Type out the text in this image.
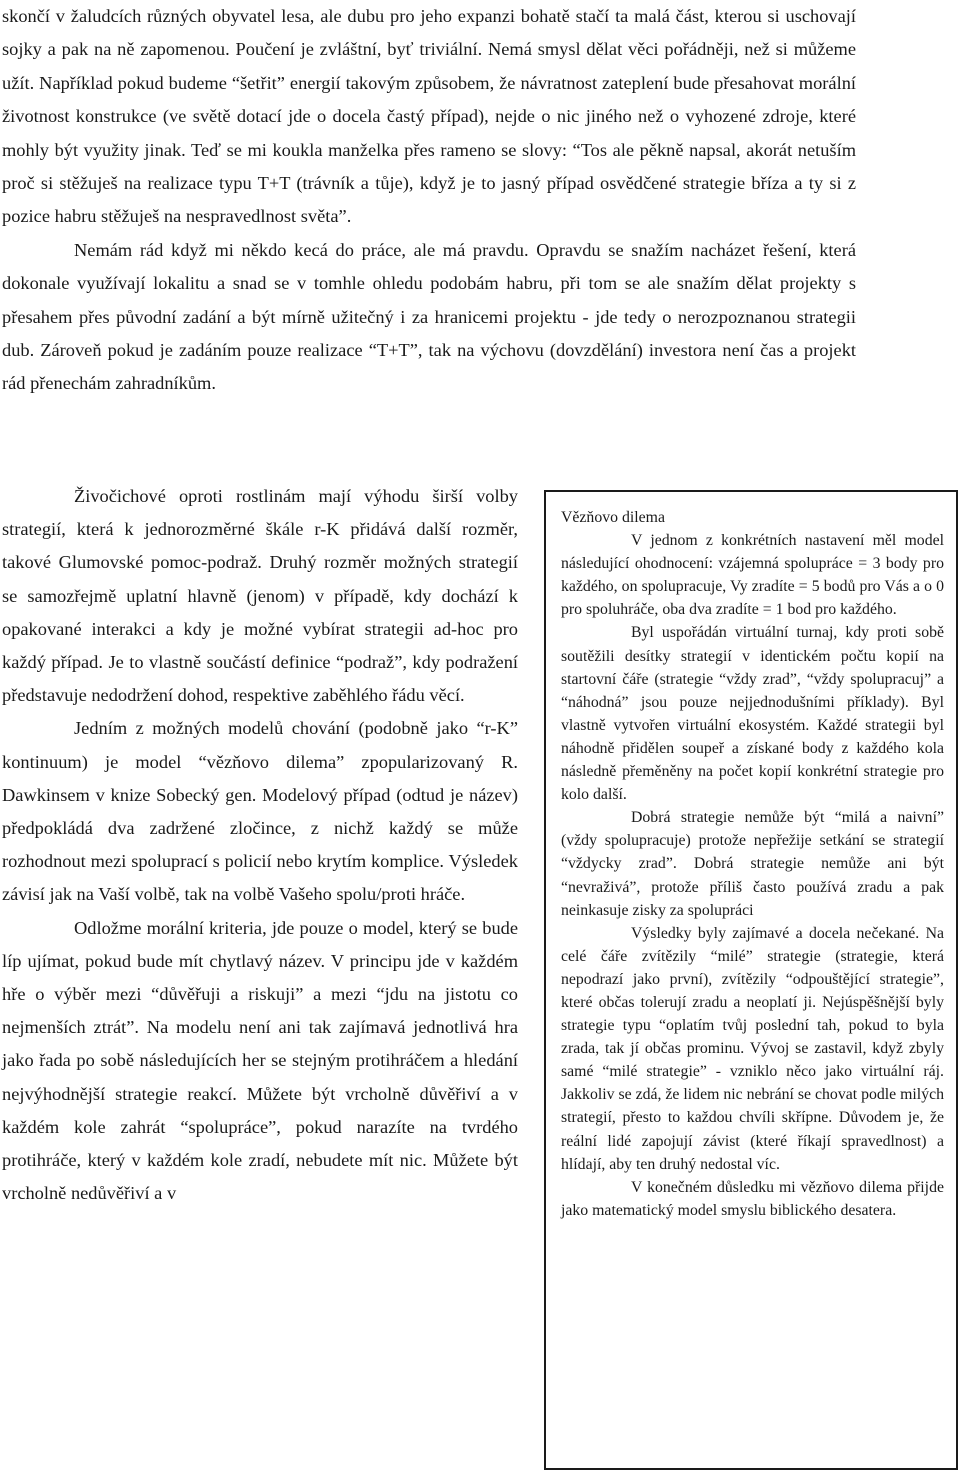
skončí v žaludcích různých obyvatel lesa, ale dubu pro jeho expanzi bohatě stačí ta malá část, kterou si uschovají sojky a pak na ně zapomenou. Poučení je zvláštní, byť triviální. Nemá smysl dělat věci pořádněji, než si můžeme užít. Například pokud budeme “šetřit” energií takovým způsobem, že návratnost zateplení bude přesahovat morální životnost konstrukce (ve světě dotací jde o docela častý případ), nejde o nic jiného než o vyhozené zdroje, které mohly být využity jinak. Teď se mi koukla manželka přes rameno se slovy: “Tos ale pěkně napsal, akorát netuším proč si stěžuješ na realizace typu T+T (trávník a tůje), když je to jasný případ osvědčené strategie bříza a ty si z pozice habru stěžuješ na nespravedlnost světa”.

Nemám rád když mi někdo kecá do práce, ale má pravdu. Opravdu se snažím nacházet řešení, která dokonale využívají lokalitu a snad se v tomhle ohledu podobám habru, při tom se ale snažím dělat projekty s přesahem přes původní zadání a být mírně užitečný i za hranicemi projektu - jde tedy o nerozpoznanou strategii dub. Zároveň pokud je zadáním pouze realizace “T+T”, tak na výchovu (dovzdělání) investora není čas a projekt rád přenechám zahradníkům.

Živočichové oproti rostlinám mají výhodu širší volby strategií, která k jednorozměrné škále r-K přidává další rozměr, takové Glumovské pomoc-podraž. Druhý rozměr možných strategií se samozřejmě uplatní hlavně (jenom) v případě, kdy dochází k opakované interakci a kdy je možné vybírat strategii ad-hoc pro každý případ. Je to vlastně součástí definice “podraž”, kdy podražení představuje nedodržení dohod, respektive zaběhlého řádu věcí.

Jedním z možných modelů chování (podobně jako “r-K” kontinuum) je model “vězňovo dilema” zpopularizovaný R. Dawkinsem v knize Sobecký gen. Modelový případ (odtud je název) předpokládá dva zadržené zločince, z nichž každý se může rozhodnout mezi spoluprací s policií nebo krytím komplice. Výsledek závisí jak na Vaší volbě, tak na volbě Vašeho spolu/proti hráče.

Odložme morální kriteria, jde pouze o model, který se bude líp ujímat, pokud bude mít chytlavý název. V principu jde v každém hře o výběr mezi “důvěřuji a riskuji” a mezi “jdu na jistotu co nejmenších ztrát”. Na modelu není ani tak zajímavá jednotlivá hra jako řada po sobě následujících her se stejným protihráčem a hledání nejvýhodnější strategie reakcí. Můžete být vrcholně důvěřiví a v každém kole zahrát “spolupráce”, pokud narazíte na tvrdého protihráče, který v každém kole zradí, nebudete mít nic. Můžete být vrcholně nedůvěřiví a v

Vězňovo dilema

V jednom z konkrétních nastavení měl model následující ohodnocení: vzájemná spolupráce = 3 body pro každého, on spolupracuje, Vy zradíte = 5 bodů pro Vás a o 0 pro spoluhráče, oba dva zradíte = 1 bod pro každého.

Byl uspořádán virtuální turnaj, kdy proti sobě soutěžili desítky strategií v identickém počtu kopií na startovní čáře (strategie “vždy zrad”, “vždy spolupracuj” a “náhodná” jsou pouze nejjednodušními příklady). Byl vlastně vytvořen virtuální ekosystém. Každé strategii byl náhodně přidělen soupeř a získané body z každého kola následně přeměněny na počet kopií konkrétní strategie pro kolo další.

Dobrá strategie nemůže být “milá a naivní” (vždy spolupracuje) protože nepřežije setkání se strategií “vždycky zrad”. Dobrá strategie nemůže ani být “nevraživá”, protože příliš často používá zradu a pak neinkasuje zisky za spolupráci

Výsledky byly zajímavé a docela nečekané. Na celé čáře zvítězily “milé” strategie (strategie, která nepodrazí jako první), zvítězily “odpouštějící strategie”, které občas tolerují zradu a neoplatí ji. Nejúspěšnější byly strategie typu “oplatím tvůj poslední tah, pokud to byla zrada, tak jí občas prominu. Vývoj se zastavil, když zbyly samé “milé strategie” - vzniklo něco jako virtuální ráj. Jakkoliv se zdá, že lidem nic nebrání se chovat podle milých strategií, přesto to každou chvíli skřípne. Důvodem je, že reální lidé zapojují závist (které říkají spravedlnost) a hlídají, aby ten druhý nedostal víc.

V konečném důsledku mi vězňovo dilema přijde jako matematický model smyslu biblického desatera.
